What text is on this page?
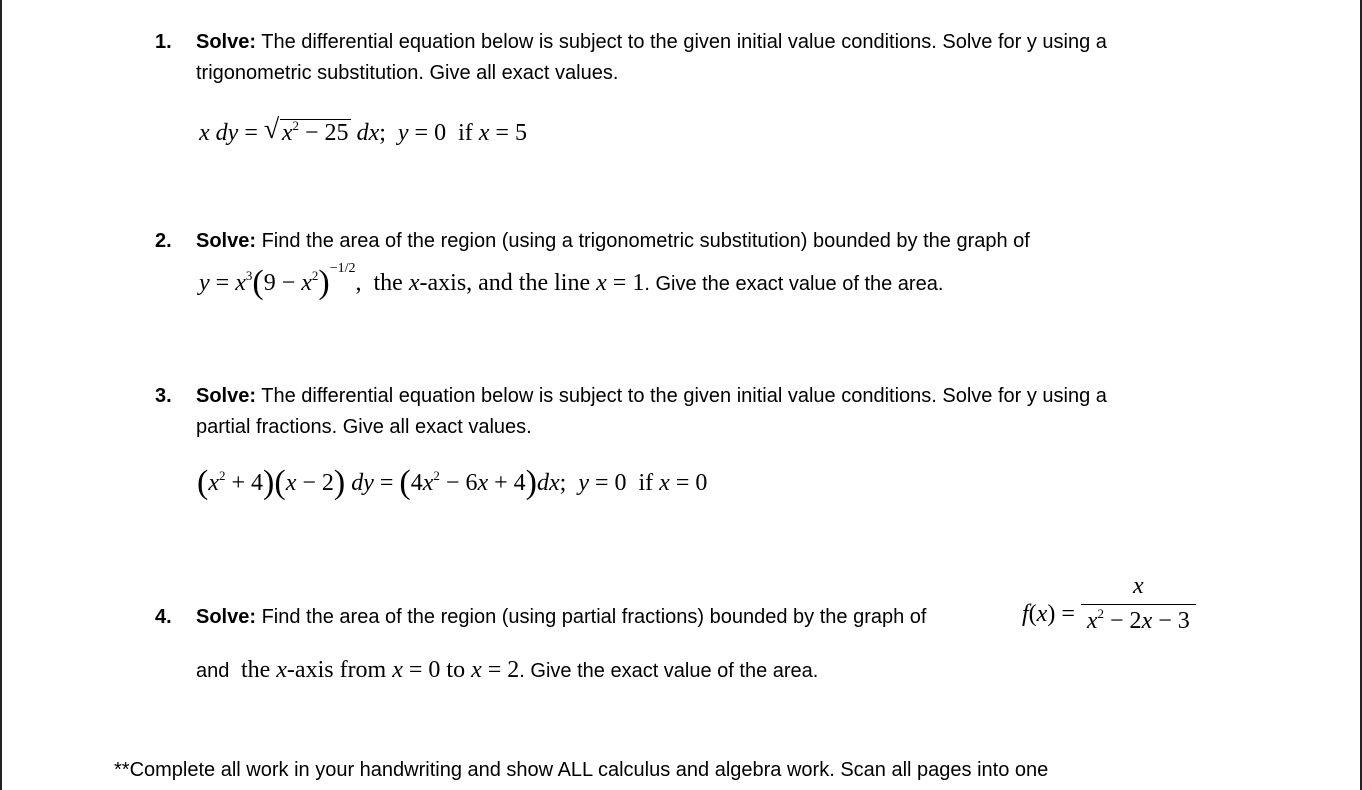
1. Solve: The differential equation below is subject to the given initial value conditions. Solve for y using a
trigonometric substitution. Give all exact values.
x dy = √ $x^2 - 25$ dx;  y = 0  if x = 5
2. Solve: Find the area of the region (using a trigonometric substitution) bounded by the graph of
$y = x^3(9 - x^2)^{-1/2}$,  the x-axis, and the line x = 1. Give the exact value of the area.
3. Solve: The differential equation below is subject to the given initial value conditions. Solve for y using a
partial fractions. Give all exact values.
$(x^2 + 4)(x - 2)$ dy = $(4x^2 - 6x + 4)dx$;  y = 0  if x = 0
4. Solve: Find the area of the region (using partial fractions) bounded by the graph of	$f(x) = \frac{x}{x^2 - 2x - 3}$
and  the x-axis from x = 0 to x = 2. Give the exact value of the area.
**Complete all work in your handwriting and show ALL calculus and algebra work. Scan all pages into one
